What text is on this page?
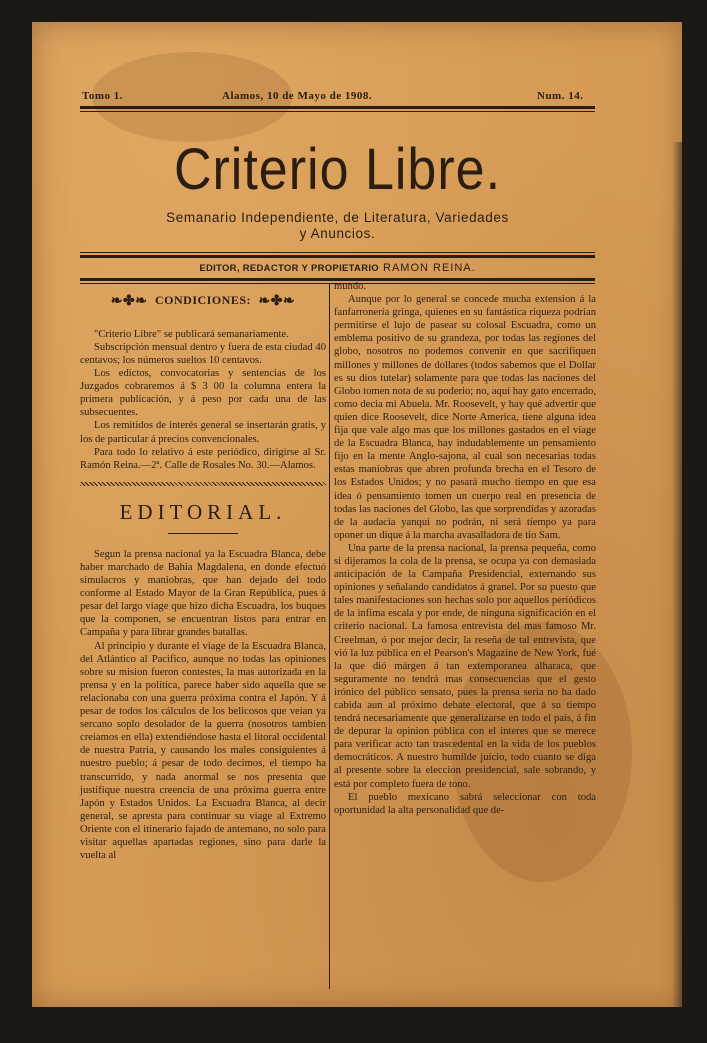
Tomo 1.	Alamos, 10 de Mayo de 1908.	Num. 14.
Criterio Libre.
Semanario Independiente, de Literatura, Variedades
y Anuncios.
EDITOR, REDACTOR Y PROPIETARIO RAMON REINA.
❧✤❧ CONDICIONES: ❧✤❧

"Criterio Libre" se publicará semanariamente.

Subscripción mensual dentro y fuera de esta ciudad 40 centavos; los números sueltos 10 centavos.

Los edictos, convocatorias y sentencias de los Juzgados cobraremos á $ 3 00 la columna entera la primera publicación, y á peso por cada una de las subsecuentes.

Los remitidos de interés general se insertarán gratis, y los de particular á precios convencionales.

Para todo lo relativo á este periódico, dirigirse al Sr. Ramón Reina.—2ª. Calle de Rosales No. 30.—Alamos.

EDITORIAL.

Segun la prensa nacional ya la Escuadra Blanca, debe haber marchado de Bahia Magdalena, en donde efectuó simulacros y maniobras, que han dejado del todo conforme al Estado Mayor de la Gran República, pues á pesar del largo viage que hizo dicha Escuadra, los buques que la componen, se encuentran listos para entrar en Campaña y para librar grandes batallas.

Al principio y durante el viage de la Escuadra Blanca, del Atlántico al Pacifico, aunque no todas las opiniones sobre su mision fueron contestes, la mas autorizada en la prensa y en la política, parece haber sido aquella que se relacionaba con una guerra próxima contra el Japón. Y á pesar de todos los cálculos de los belicosos que veían ya sercano soplo desolador de la guerra (nosotros tambien creiamos en ella) extendiéndose hasta el litoral occidental de nuestra Patria, y causando los males consiguientes á nuestro pueblo; á pesar de todo decimos, el tiempo ha transcurrido, y nada anormal se nos presenta que justifique nuestra creencia de una próxima guerra entre Japón y Estados Unidos. La Escuadra Blanca, al decir general, se apresta para continuar su viage al Extremo Oriente con el itinerario fajado de antemano, no solo para visitar aquellas apartadas regiones, sino para darle la vuelta al

mundo.

Aunque por lo general se concede mucha extension á la fanfarronería gringa, quienes en su fantástica riqueza podrian permitirse el lujo de pasear su colosal Escuadra, como un emblema positivo de su grandeza, por todas las regiones del globo, nosotros no podemos convenir en que sacrifiquen millones y millones de dollares (todos sabemos que el Dollar es su dios tutelar) solamente para que todas las naciones del Globo tomen nota de su poderio; no, aquí hay gato encerrado, como decia mi Abuela. Mr. Roosevelt, y hay qué advertir que quien dice Roosevelt, dice Norte America, tiene alguna idea fija que vale algo mas que los millones gastados en el viage de la Escuadra Blanca, hay indudablemente un pensamiento fijo en la mente Anglo-sajona, al cual son necesarias todas estas maniobras que abren profunda brecha en el Tesoro de los Estados Unidos; y no pasará mucho tiempo en que esa idea ó pensamiento tomen un cuerpo real en presencia de todas las naciones del Globo, las que sorprendidas y azoradas de la audacia yanqui no podrán, ni será tiempo ya para oponer un dique á la marcha avasalladora de tio Sam.

Una parte de la prensa nacional, la prensa pequeña, como si dijeramos la cola de la prensa, se ocupa ya con demasiada anticipación de la Campaña Presidencial, externando sus opiniones y señalando candidatos á granel. Por su puesto que tales manifestaciones son hechas solo por aquellos periódicos de la infima escala y por ende, de ninguna significación en el criterio nacional. La famosa entrevista del mas famoso Mr. Creelman, ó por mejor decir, la reseña de tal entrevista, que vió la luz pública en el Pearson's Magazine de New York, fué la que dió márgen á tan extemporanea alharaca, que seguramente no tendrá mas consecuencias que el gesto irónico del público sensato, pues la prensa seria no ha dado cabida aun al próximo debate electoral, que á su tiempo tendrá necesariamente que generalizarse en todo el país, á fin de depurar la opinion pública con el interes que se merece para verificar acto tan trascedental en la vida de los pueblos democráticos. A nuestro humilde juicio, todo cuanto se diga al presente sobre la eleccion presidencial, sale sobrando, y está por completo fuera de tono.

El pueblo mexicano sabrá seleccionar con toda oportunidad la alta personalidad que de-
